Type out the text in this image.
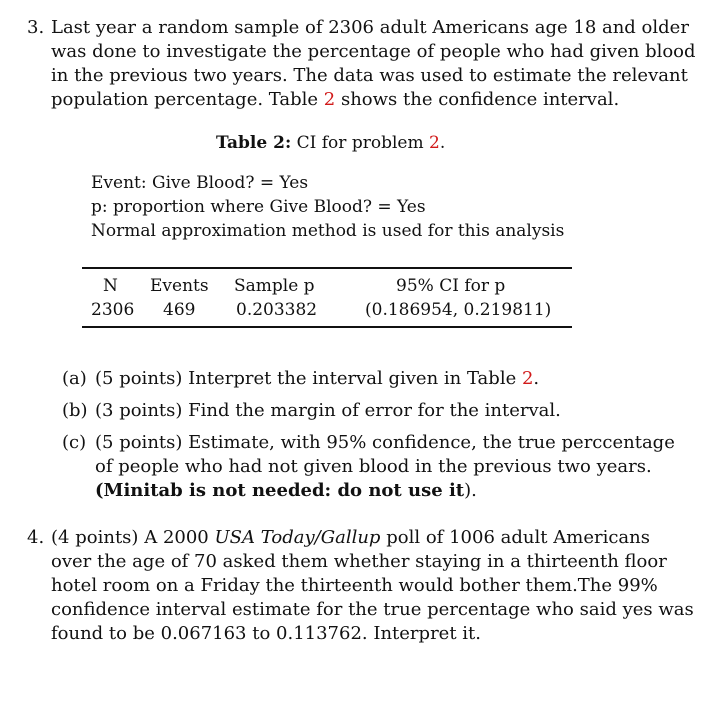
3. Last year a random sample of 2306 adult Americans age 18 and older
was done to investigate the percentage of people who had given blood
in the previous two years. The data was used to estimate the relevant
population percentage. Table 2 shows the confidence interval.
Table 2: CI for problem 2.
Event: Give Blood? = Yes
p: proportion where Give Blood? = Yes
Normal approximation method is used for this analysis
N Events Sample p	95% CI for p
2306 469 0.203382	(0.186954, 0.219811)
(a) (5 points) Interpret the interval given in Table 2.
(b) (3 points) Find the margin of error for the interval.
(c) (5 points) Estimate, with 95% confidence, the true perccentage
of people who had not given blood in the previous two years.
(Minitab is not needed: do not use it).
4. (4 points) A 2000 USA Today/Gallup poll of 1006 adult Americans
over the age of 70 asked them whether staying in a thirteenth floor
hotel room on a Friday the thirteenth would bother them.The 99%
confidence interval estimate for the true percentage who said yes was
found to be 0.067163 to 0.113762. Interpret it.
